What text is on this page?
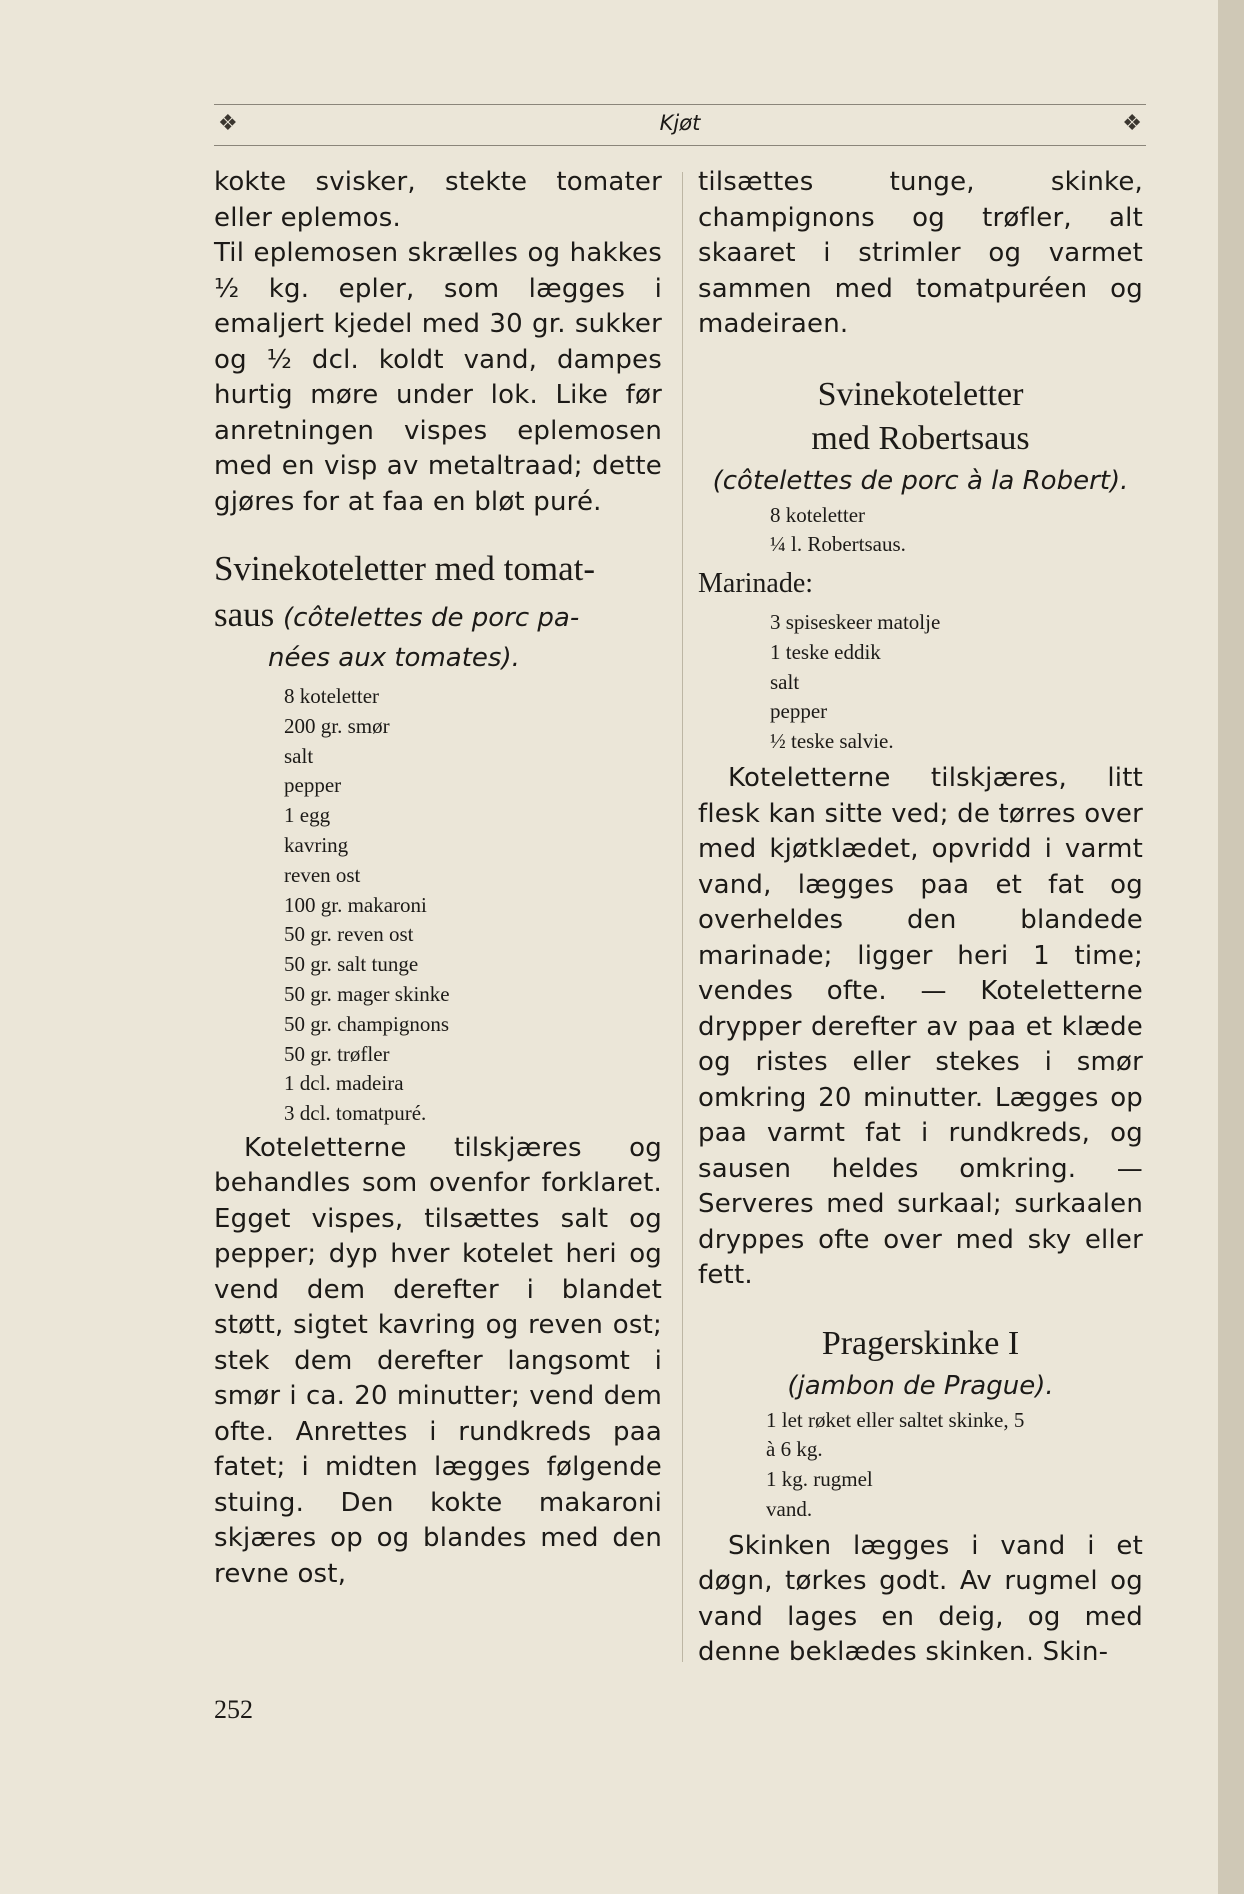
❖	Kjøt	❖

kokte svisker, stekte tomater eller eplemos.

Til eplemosen skrælles og hakkes ½ kg. epler, som lægges i emaljert kjedel med 30 gr. sukker og ½ dcl. koldt vand, dampes hurtig møre under lok. Like før anretningen vispes eplemosen med en visp av metaltraad; dette gjøres for at faa en bløt puré.

Svinekoteletter med tomat-
saus (côtelettes de porc pa-

nées aux tomates).

8 koteletter
200 gr. smør
salt
pepper
1 egg
kavring
reven ost
100 gr. makaroni
50 gr. reven ost
50 gr. salt tunge
50 gr. mager skinke
50 gr. champignons
50 gr. trøfler
1 dcl. madeira
3 dcl. tomatpuré.

Koteletterne tilskjæres og behandles som ovenfor forklaret. Egget vispes, tilsættes salt og pepper; dyp hver kotelet heri og vend dem derefter i blandet støtt, sigtet kavring og reven ost; stek dem derefter langsomt i smør i ca. 20 minutter; vend dem ofte. Anrettes i rundkreds paa fatet; i midten lægges følgende stuing. Den kokte makaroni skjæres op og blandes med den revne ost,

tilsættes tunge, skinke, champignons og trøfler, alt skaaret i strimler og varmet sammen med tomatpuréen og madeiraen.

Svinekoteletter
med Robertsaus

(côtelettes de porc à la Robert).

8 koteletter
¼ l. Robertsaus.

Marinade:

3 spiseskeer matolje
1 teske eddik
salt
pepper
½ teske salvie.

Koteletterne tilskjæres, litt flesk kan sitte ved; de tørres over med kjøtklædet, opvridd i varmt vand, lægges paa et fat og overheldes den blandede marinade; ligger heri 1 time; vendes ofte. — Koteletterne drypper derefter av paa et klæde og ristes eller stekes i smør omkring 20 minutter. Lægges op paa varmt fat i rundkreds, og sausen heldes omkring. — Serveres med surkaal; surkaalen dryppes ofte over med sky eller fett.

Pragerskinke I

(jambon de Prague).

1 let røket eller saltet skinke, 5
à 6 kg.
1 kg. rugmel
vand.

Skinken lægges i vand i et døgn, tørkes godt. Av rugmel og vand lages en deig, og med denne beklædes skinken. Skin-

252
